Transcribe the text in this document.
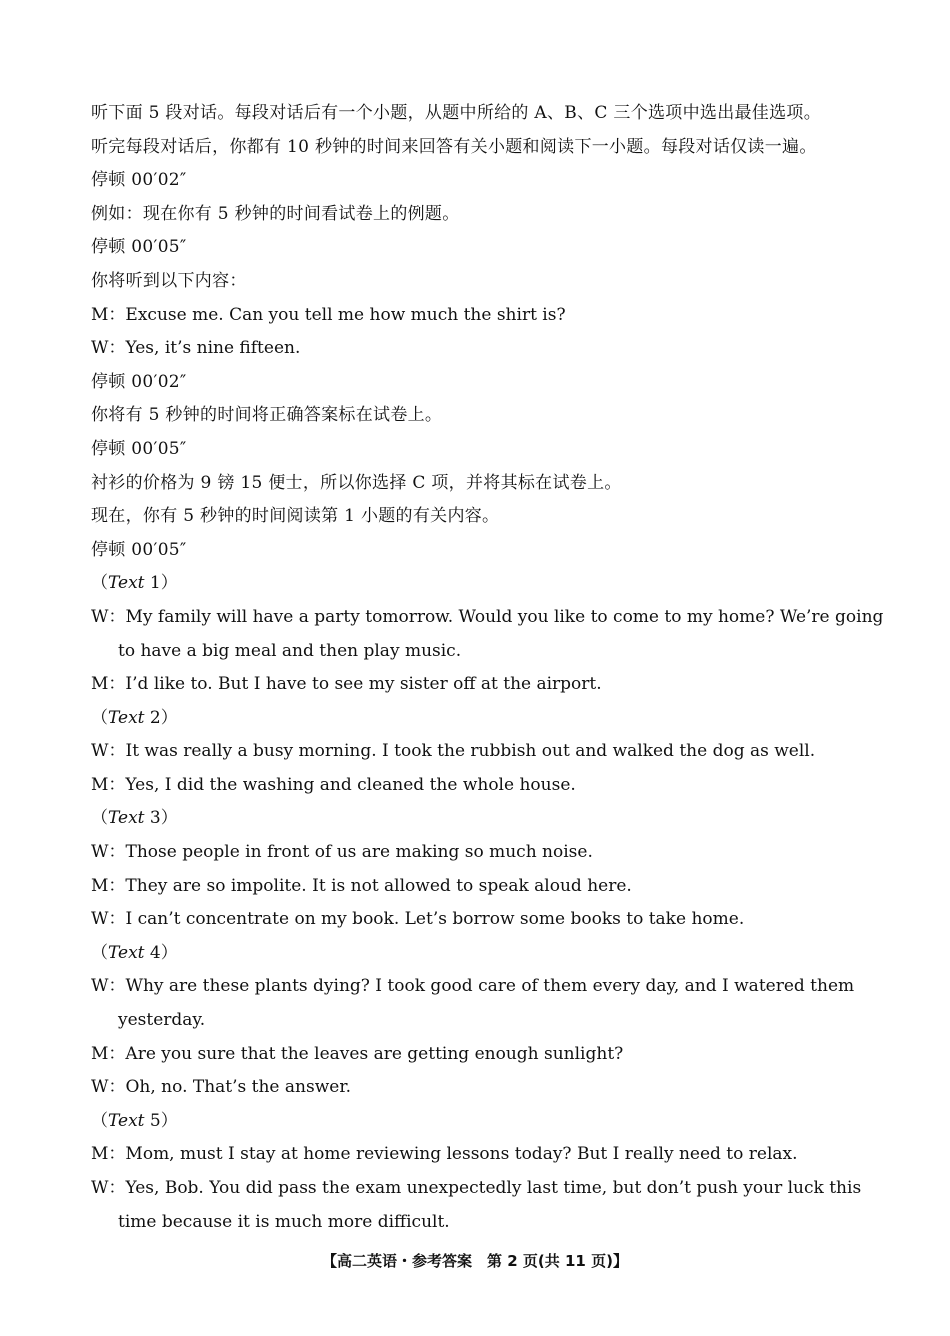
听下面 5 段对话。每段对话后有一个小题，从题中所给的 A、B、C 三个选项中选出最佳选项。
听完每段对话后，你都有 10 秒钟的时间来回答有关小题和阅读下一小题。每段对话仅读一遍。
停顿 00′02″
例如：现在你有 5 秒钟的时间看试卷上的例题。
停顿 00′05″
你将听到以下内容：
M：Excuse me. Can you tell me how much the shirt is?
W：Yes, it’s nine fifteen.
停顿 00′02″
你将有 5 秒钟的时间将正确答案标在试卷上。
停顿 00′05″
衬衫的价格为 9 镑 15 便士，所以你选择 C 项，并将其标在试卷上。
现在，你有 5 秒钟的时间阅读第 1 小题的有关内容。
停顿 00′05″
（Text 1）
W：My family will have a party tomorrow. Would you like to come to my home? We’re going
to have a big meal and then play music.
M：I’d like to. But I have to see my sister off at the airport.
（Text 2）
W：It was really a busy morning. I took the rubbish out and walked the dog as well.
M：Yes, I did the washing and cleaned the whole house.
（Text 3）
W：Those people in front of us are making so much noise.
M：They are so impolite. It is not allowed to speak aloud here.
W：I can’t concentrate on my book. Let’s borrow some books to take home.
（Text 4）
W：Why are these plants dying? I took good care of them every day, and I watered them
yesterday.
M：Are you sure that the leaves are getting enough sunlight?
W：Oh, no. That’s the answer.
（Text 5）
M：Mom, must I stay at home reviewing lessons today? But I really need to relax.
W：Yes, Bob. You did pass the exam unexpectedly last time, but don’t push your luck this
time because it is much more difficult.
【高二英语・参考答案　第 2 页(共 11 页)】
